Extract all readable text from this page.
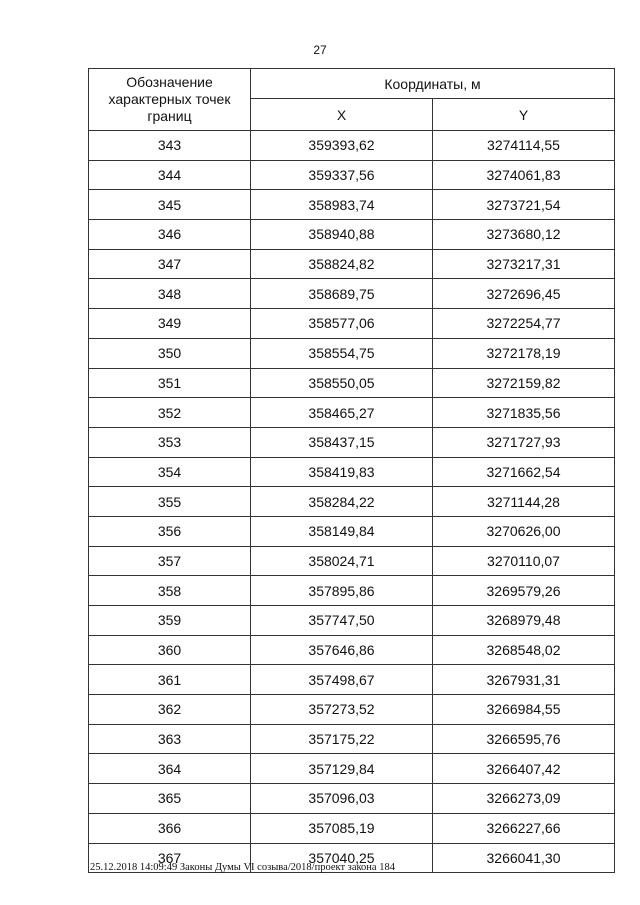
27
Обозначение характерных точек границ	Координаты, м	
	X	Y
343	359393,62	3274114,55
344	359337,56	3274061,83
345	358983,74	3273721,54
346	358940,88	3273680,12
347	358824,82	3273217,31
348	358689,75	3272696,45
349	358577,06	3272254,77
350	358554,75	3272178,19
351	358550,05	3272159,82
352	358465,27	3271835,56
353	358437,15	3271727,93
354	358419,83	3271662,54
355	358284,22	3271144,28
356	358149,84	3270626,00
357	358024,71	3270110,07
358	357895,86	3269579,26
359	357747,50	3268979,48
360	357646,86	3268548,02
361	357498,67	3267931,31
362	357273,52	3266984,55
363	357175,22	3266595,76
364	357129,84	3266407,42
365	357096,03	3266273,09
366	357085,19	3266227,66
367	357040,25	3266041,30
25.12.2018 14:09:49 Законы Думы VI созыва/2018/проект закона 184
